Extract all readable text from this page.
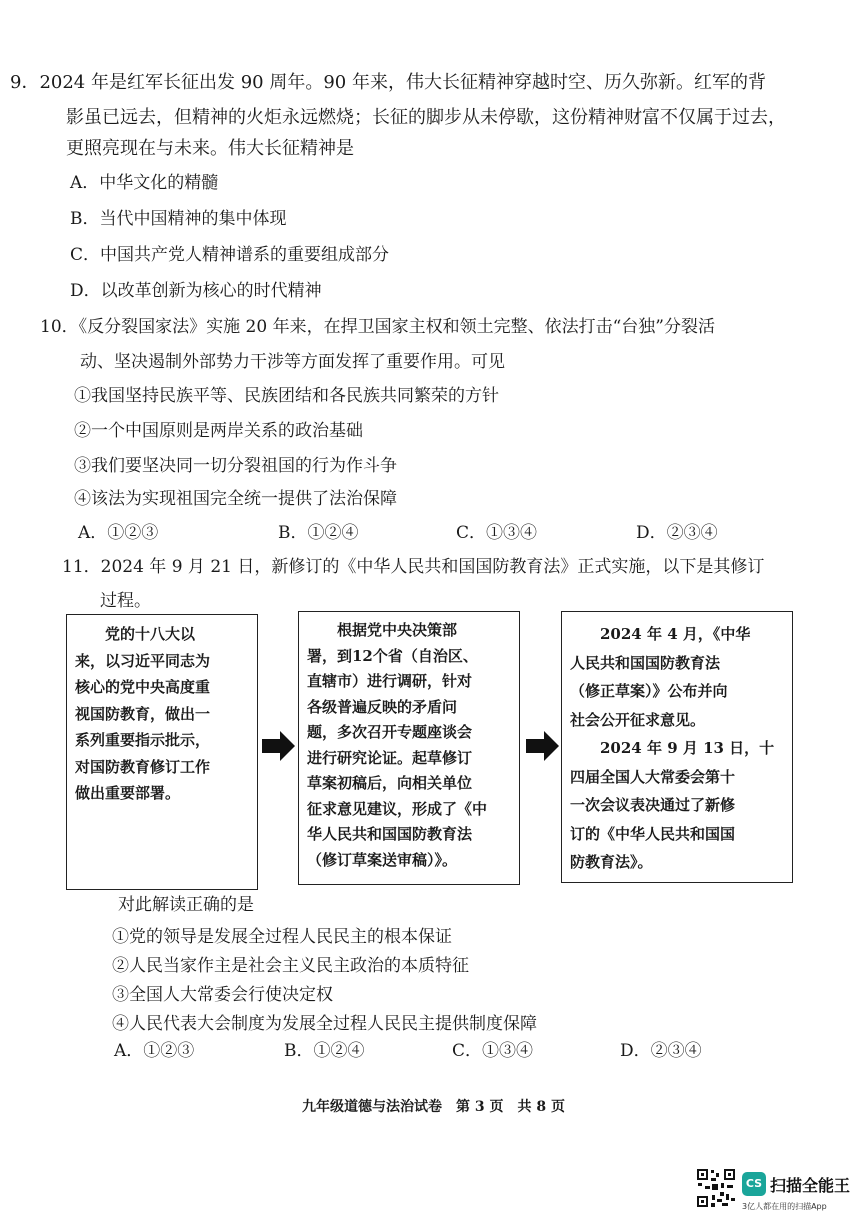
9．2024 年是红军长征出发 90 周年。90 年来，伟大长征精神穿越时空、历久弥新。红军的背
影虽已远去，但精神的火炬永远燃烧；长征的脚步从未停歇，这份精神财富不仅属于过去，
更照亮现在与未来。伟大长征精神是
A．中华文化的精髓
B．当代中国精神的集中体现
C．中国共产党人精神谱系的重要组成部分
D．以改革创新为核心的时代精神
10．《反分裂国家法》实施 20 年来，在捍卫国家主权和领土完整、依法打击“台独”分裂活
动、坚决遏制外部势力干涉等方面发挥了重要作用。可见
①我国坚持民族平等、民族团结和各民族共同繁荣的方针
②一个中国原则是两岸关系的政治基础
③我们要坚决同一切分裂祖国的行为作斗争
④该法为实现祖国完全统一提供了法治保障
A．①②③	B．①②④	C．①③④	D．②③④
11．2024 年 9 月 21 日，新修订的《中华人民共和国国防教育法》正式实施，以下是其修订
过程。
　　党的十八大以
来，以习近平同志为
核心的党中央高度重
视国防教育，做出一
系列重要指示批示，
对国防教育修订工作
做出重要部署。
　　根据党中央决策部
署，到12个省（自治区、
直辖市）进行调研，针对
各级普遍反映的矛盾问
题，多次召开专题座谈会
进行研究论证。起草修订
草案初稿后，向相关单位
征求意见建议，形成了《中
华人民共和国国防教育法
（修订草案送审稿）》。
　　2024 年 4 月，《中华
人民共和国国防教育法
（修正草案）》公布并向
社会公开征求意见。
　　2024 年 9 月 13 日，十
四届全国人大常委会第十
一次会议表决通过了新修
订的《中华人民共和国国
防教育法》。
对此解读正确的是
①党的领导是发展全过程人民民主的根本保证
②人民当家作主是社会主义民主政治的本质特征
③全国人大常委会行使决定权
④人民代表大会制度为发展全过程人民民主提供制度保障
A．①②③	B．①②④	C．①③④	D．②③④
九年级道德与法治试卷　第 3 页　共 8 页
CS 扫描全能王
3亿人都在用的扫描App
